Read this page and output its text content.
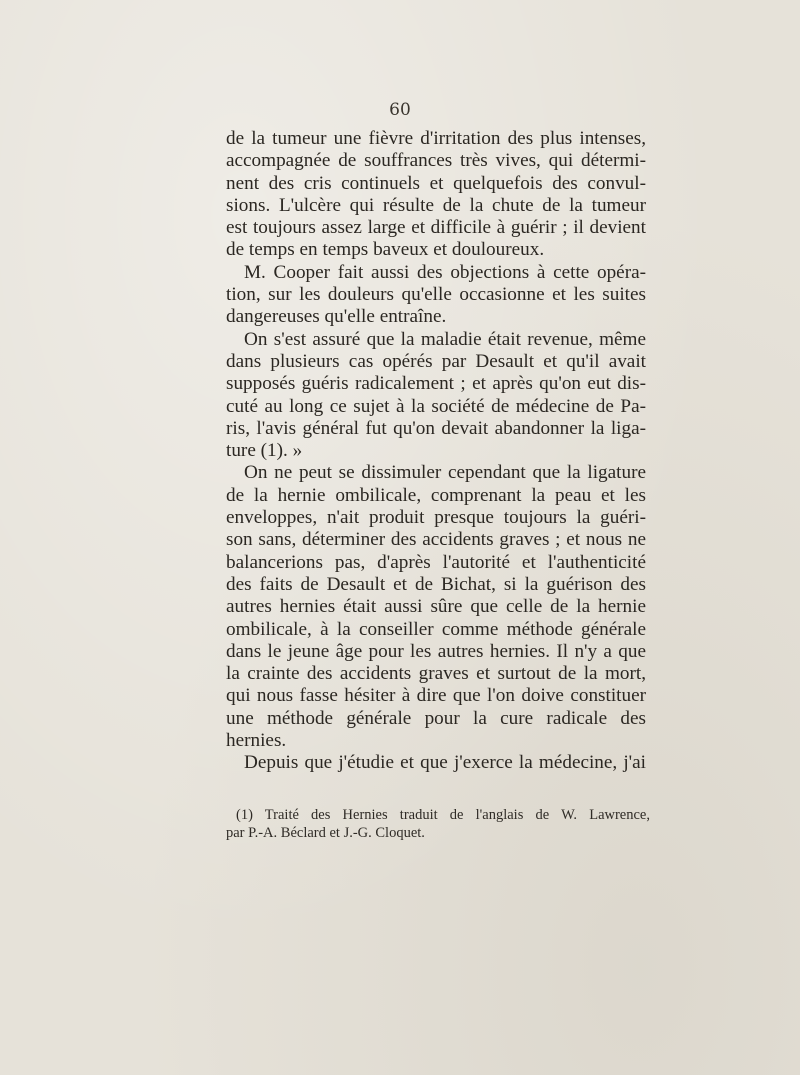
60
de la tumeur une fièvre d'irritation des plus intenses,
accompagnée de souffrances très vives, qui détermi-
nent des cris continuels et quelquefois des convul-
sions. L'ulcère qui résulte de la chute de la tumeur
est toujours assez large et difficile à guérir ; il devient
de temps en temps baveux et douloureux.
M. Cooper fait aussi des objections à cette opéra-
tion, sur les douleurs qu'elle occasionne et les suites
dangereuses qu'elle entraîne.
On s'est assuré que la maladie était revenue, même
dans plusieurs cas opérés par Desault et qu'il avait
supposés guéris radicalement ; et après qu'on eut dis-
cuté au long ce sujet à la société de médecine de Pa-
ris, l'avis général fut qu'on devait abandonner la liga-
ture (1). »
On ne peut se dissimuler cependant que la ligature
de la hernie ombilicale, comprenant la peau et les
enveloppes, n'ait produit presque toujours la guéri-
son sans, déterminer des accidents graves ; et nous ne
balancerions pas, d'après l'autorité et l'authenticité
des faits de Desault et de Bichat, si la guérison des
autres hernies était aussi sûre que celle de la hernie
ombilicale, à la conseiller comme méthode générale
dans le jeune âge pour les autres hernies. Il n'y a que
la crainte des accidents graves et surtout de la mort,
qui nous fasse hésiter à dire que l'on doive constituer
une méthode générale pour la cure radicale des
hernies.
Depuis que j'étudie et que j'exerce la médecine, j'ai
(1) Traité des Hernies traduit de l'anglais de W. Lawrence,
par P.-A. Béclard et J.-G. Cloquet.
